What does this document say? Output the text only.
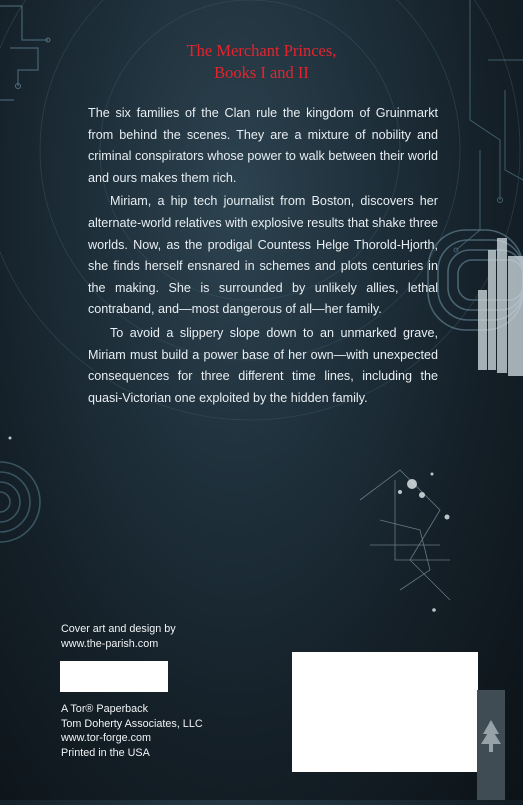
The Merchant Princes,
Books I and II

The six families of the Clan rule the kingdom of Gruinmarkt from behind the scenes. They are a mixture of nobility and criminal conspirators whose power to walk between their world and ours makes them rich.

Miriam, a hip tech journalist from Boston, discovers her alternate-world relatives with explosive results that shake three worlds. Now, as the prodigal Countess Helge Thorold-Hjorth, she finds herself ensnared in schemes and plots centuries in the making. She is surrounded by unlikely allies, lethal contraband, and—most dangerous of all—her family.

To avoid a slippery slope down to an unmarked grave, Miriam must build a power base of her own—with unexpected consequences for three different time lines, including the quasi-Victorian one exploited by the hidden family.

Cover art and design by
www.the-parish.com
A Tor® Paperback
Tom Doherty Associates, LLC
www.tor-forge.com
Printed in the USA
